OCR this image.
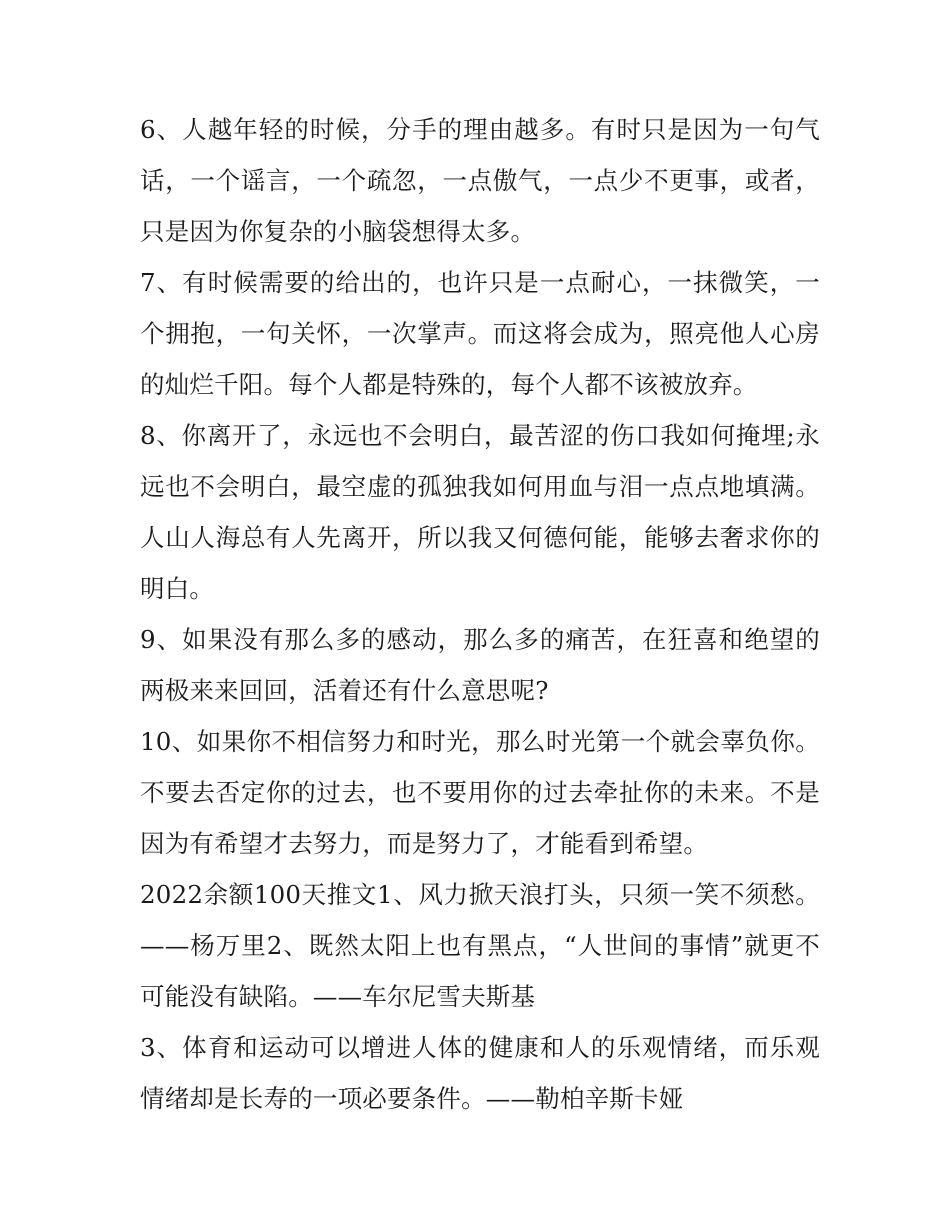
6、人越年轻的时候，分手的理由越多。有时只是因为一句气话，一个谣言，一个疏忽，一点傲气，一点少不更事，或者，只是因为你复杂的小脑袋想得太多。

7、有时候需要的给出的，也许只是一点耐心，一抹微笑，一个拥抱，一句关怀，一次掌声。而这将会成为，照亮他人心房的灿烂千阳。每个人都是特殊的，每个人都不该被放弃。

8、你离开了，永远也不会明白，最苦涩的伤口我如何掩埋;永远也不会明白，最空虚的孤独我如何用血与泪一点点地填满。人山人海总有人先离开，所以我又何德何能，能够去奢求你的明白。

9、如果没有那么多的感动，那么多的痛苦，在狂喜和绝望的两极来来回回，活着还有什么意思呢?

10、如果你不相信努力和时光，那么时光第一个就会辜负你。不要去否定你的过去，也不要用你的过去牵扯你的未来。不是因为有希望才去努力，而是努力了，才能看到希望。

2022余额100天推文1、风力掀天浪打头，只须一笑不须愁。——杨万里2、既然太阳上也有黑点，“人世间的事情”就更不可能没有缺陷。——车尔尼雪夫斯基

3、体育和运动可以增进人体的健康和人的乐观情绪，而乐观情绪却是长寿的一项必要条件。——勒柏辛斯卡娅
